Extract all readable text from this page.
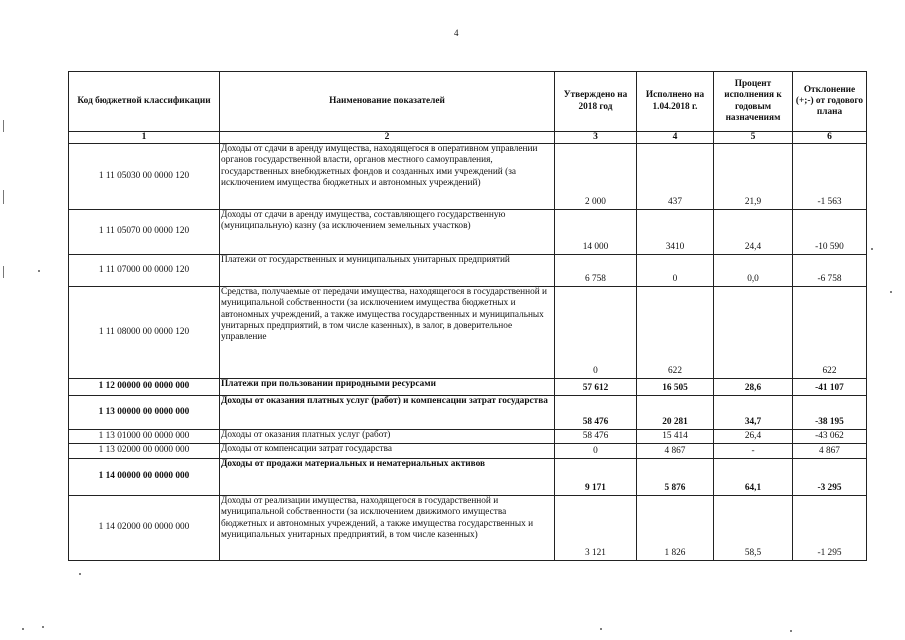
4
Код бюджетной классификации	Наименование показателей	Утверждено на 2018 год	Исполнено на 1.04.2018 г.	Процент исполнения к годовым назначениям	Отклонение (+;-) от годового плана
1	2	3	4	5	6
1 11 05030 00 0000 120	Доходы от сдачи в аренду имущества, находящегося в оперативном управлении органов государственной власти, органов местного самоуправления, государственных внебюджетных фондов и созданных ими учреждений (за исключением имущества бюджетных и автономных учреждений)	2 000	437	21,9	-1 563
1 11 05070 00 0000 120	Доходы от сдачи в аренду имущества, составляющего государственную (муниципальную) казну (за исключением земельных участков)	14 000	3410	24,4	-10 590
1 11 07000 00 0000 120	Платежи от государственных и муниципальных унитарных предприятий	6 758	0	0,0	-6 758
1 11 08000 00 0000 120	Средства, получаемые от передачи имущества, находящегося в государственной и муниципальной собственности (за исключением имущества бюджетных и автономных учреждений, а также имущества государственных и муниципальных унитарных предприятий, в том числе казенных), в залог, в доверительное управление	0	622		622
1 12 00000 00 0000 000	Платежи при пользовании природными ресурсами	57 612	16 505	28,6	-41 107
1 13 00000 00 0000 000	Доходы от оказания платных услуг (работ) и компенсации затрат государства	58 476	20 281	34,7	-38 195
1 13 01000 00 0000 000	Доходы от оказания платных услуг (работ)	58 476	15 414	26,4	-43 062
1 13 02000 00 0000 000	Доходы от компенсации затрат государства	0	4 867	-	4 867
1 14 00000 00 0000 000	Доходы от продажи материальных и нематериальных активов	9 171	5 876	64,1	-3 295
1 14 02000 00 0000 000	Доходы от реализации имущества, находящегося в государственной и муниципальной собственности (за исключением движимого имущества бюджетных и автономных учреждений, а также имущества государственных и муниципальных унитарных предприятий, в том числе казенных)	3 121	1 826	58,5	-1 295
